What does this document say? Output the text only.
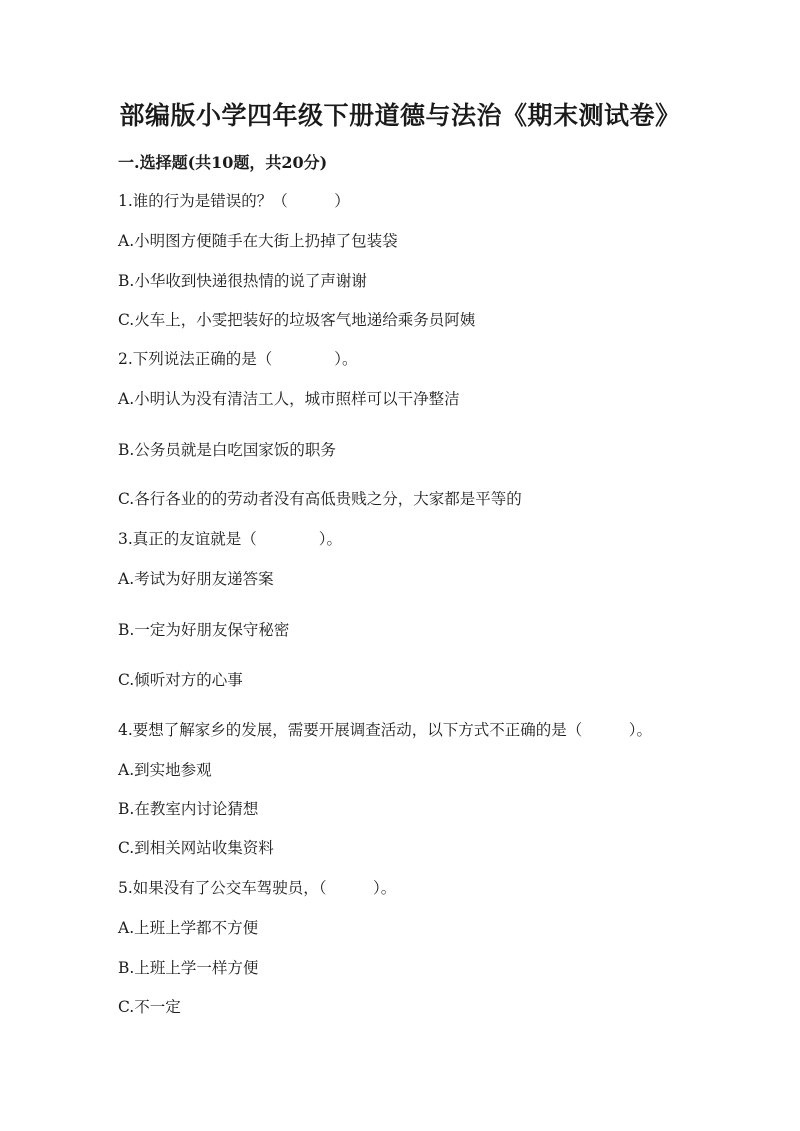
部编版小学四年级下册道德与法治《期末测试卷》
一.选择题(共10题，共20分)
1.谁的行为是错误的？（　　　）
A.小明图方便随手在大街上扔掉了包装袋
B.小华收到快递很热情的说了声谢谢
C.火车上，小雯把装好的垃圾客气地递给乘务员阿姨
2.下列说法正确的是（　　　　）。
A.小明认为没有清洁工人，城市照样可以干净整洁
B.公务员就是白吃国家饭的职务
C.各行各业的的劳动者没有高低贵贱之分，大家都是平等的
3.真正的友谊就是（　　　　）。
A.考试为好朋友递答案
B.一定为好朋友保守秘密
C.倾听对方的心事
4.要想了解家乡的发展，需要开展调查活动，以下方式不正确的是（　　　）。
A.到实地参观
B.在教室内讨论猜想
C.到相关网站收集资料
5.如果没有了公交车驾驶员，（　　　）。
A.上班上学都不方便
B.上班上学一样方便
C.不一定
